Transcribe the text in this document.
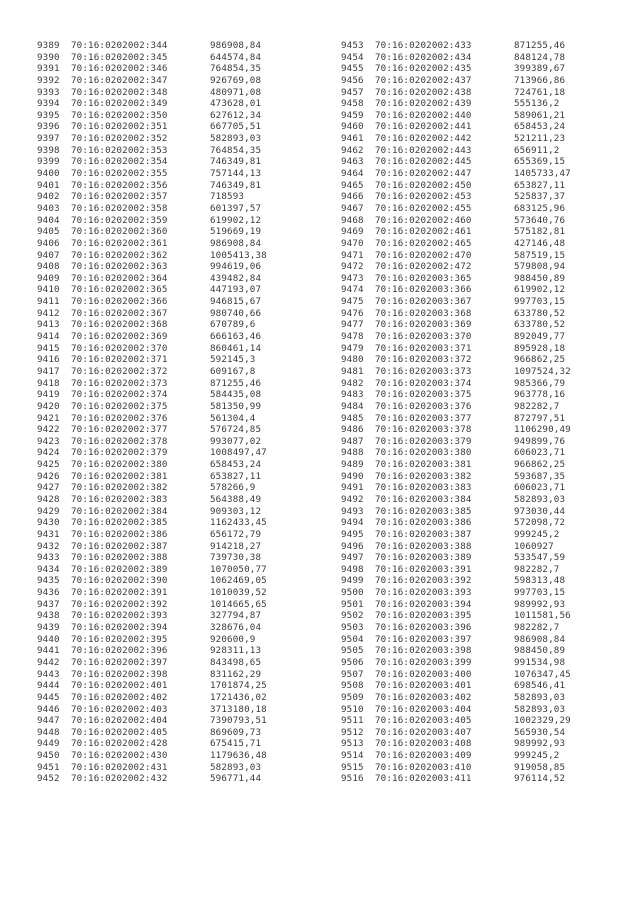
9389 70:16:0202002:344	986908,84
9390 70:16:0202002:345	644574,84
9391 70:16:0202002:346	764854,35
9392 70:16:0202002:347	926769,08
9393 70:16:0202002:348	480971,08
9394 70:16:0202002:349	473628,01
9395 70:16:0202002:350	627612,34
9396 70:16:0202002:351	667705,51
9397 70:16:0202002:352	582893,03
9398 70:16:0202002:353	764854,35
9399 70:16:0202002:354	746349,81
9400 70:16:0202002:355	757144,13
9401 70:16:0202002:356	746349,81
9402 70:16:0202002:357	718593
9403 70:16:0202002:358	601397,57
9404 70:16:0202002:359	619902,12
9405 70:16:0202002:360	519669,19
9406 70:16:0202002:361	986908,84
9407 70:16:0202002:362	1005413,38
9408 70:16:0202002:363	994619,06
9409 70:16:0202002:364	439482,84
9410 70:16:0202002:365	447193,07
9411 70:16:0202002:366	946815,67
9412 70:16:0202002:367	980740,66
9413 70:16:0202002:368	670789,6
9414 70:16:0202002:369	666163,46
9415 70:16:0202002:370	860461,14
9416 70:16:0202002:371	592145,3
9417 70:16:0202002:372	609167,8
9418 70:16:0202002:373	871255,46
9419 70:16:0202002:374	584435,08
9420 70:16:0202002:375	581350,99
9421 70:16:0202002:376	561304,4
9422 70:16:0202002:377	576724,85
9423 70:16:0202002:378	993077,02
9424 70:16:0202002:379	1008497,47
9425 70:16:0202002:380	658453,24
9426 70:16:0202002:381	653827,11
9427 70:16:0202002:382	578266,9
9428 70:16:0202002:383	564388,49
9429 70:16:0202002:384	909303,12
9430 70:16:0202002:385	1162433,45
9431 70:16:0202002:386	656172,79
9432 70:16:0202002:387	914218,27
9433 70:16:0202002:388	739730,38
9434 70:16:0202002:389	1070050,77
9435 70:16:0202002:390	1062469,05
9436 70:16:0202002:391	1010039,52
9437 70:16:0202002:392	1014665,65
9438 70:16:0202002:393	327794,87
9439 70:16:0202002:394	328676,04
9440 70:16:0202002:395	920600,9
9441 70:16:0202002:396	928311,13
9442 70:16:0202002:397	843498,65
9443 70:16:0202002:398	831162,29
9444 70:16:0202002:401	1701874,25
9445 70:16:0202002:402	1721436,02
9446 70:16:0202002:403	3713180,18
9447 70:16:0202002:404	7390793,51
9448 70:16:0202002:405	869609,73
9449 70:16:0202002:428	675415,71
9450 70:16:0202002:430	1179636,48
9451 70:16:0202002:431	582893,03
9452 70:16:0202002:432	596771,44
9453 70:16:0202002:433	871255,46
9454 70:16:0202002:434	848124,78
9455 70:16:0202002:435	399389,67
9456 70:16:0202002:437	713966,86
9457 70:16:0202002:438	724761,18
9458 70:16:0202002:439	555136,2
9459 70:16:0202002:440	589061,21
9460 70:16:0202002:441	658453,24
9461 70:16:0202002:442	521211,23
9462 70:16:0202002:443	656911,2
9463 70:16:0202002:445	655369,15
9464 70:16:0202002:447	1405733,47
9465 70:16:0202002:450	653827,11
9466 70:16:0202002:453	525837,37
9467 70:16:0202002:455	683125,96
9468 70:16:0202002:460	573640,76
9469 70:16:0202002:461	575182,81
9470 70:16:0202002:465	427146,48
9471 70:16:0202002:470	587519,15
9472 70:16:0202002:472	579808,94
9473 70:16:0202003:365	988450,89
9474 70:16:0202003:366	619902,12
9475 70:16:0202003:367	997703,15
9476 70:16:0202003:368	633780,52
9477 70:16:0202003:369	633780,52
9478 70:16:0202003:370	892049,77
9479 70:16:0202003:371	895928,18
9480 70:16:0202003:372	966862,25
9481 70:16:0202003:373	1097524,32
9482 70:16:0202003:374	985366,79
9483 70:16:0202003:375	963778,16
9484 70:16:0202003:376	982282,7
9485 70:16:0202003:377	872797,51
9486 70:16:0202003:378	1106290,49
9487 70:16:0202003:379	949899,76
9488 70:16:0202003:380	606023,71
9489 70:16:0202003:381	966862,25
9490 70:16:0202003:382	593687,35
9491 70:16:0202003:383	606023,71
9492 70:16:0202003:384	582893,03
9493 70:16:0202003:385	973030,44
9494 70:16:0202003:386	572098,72
9495 70:16:0202003:387	999245,2
9496 70:16:0202003:388	1060927
9497 70:16:0202003:389	533547,59
9498 70:16:0202003:391	982282,7
9499 70:16:0202003:392	598313,48
9500 70:16:0202003:393	997703,15
9501 70:16:0202003:394	989992,93
9502 70:16:0202003:395	1011581,56
9503 70:16:0202003:396	982282,7
9504 70:16:0202003:397	986908,84
9505 70:16:0202003:398	988450,89
9506 70:16:0202003:399	991534,98
9507 70:16:0202003:400	1076347,45
9508 70:16:0202003:401	698546,41
9509 70:16:0202003:402	582893,03
9510 70:16:0202003:404	582893,03
9511 70:16:0202003:405	1002329,29
9512 70:16:0202003:407	565930,54
9513 70:16:0202003:408	989992,93
9514 70:16:0202003:409	999245,2
9515 70:16:0202003:410	919058,85
9516 70:16:0202003:411	976114,52
